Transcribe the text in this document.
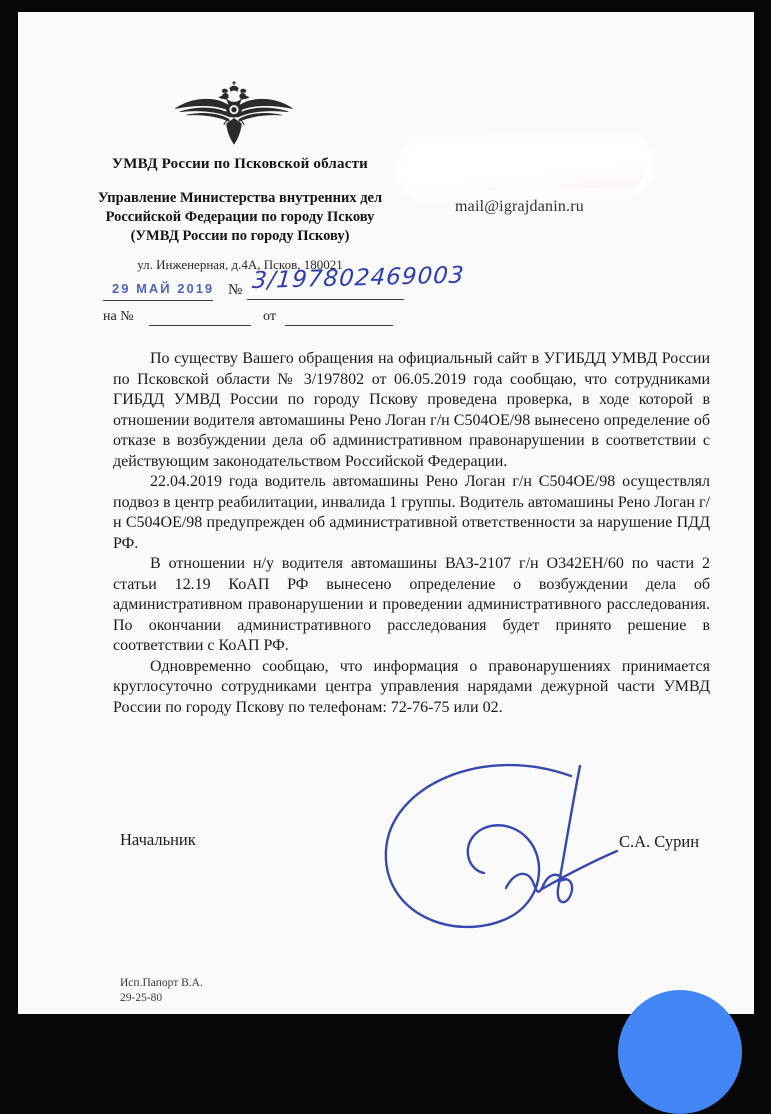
УМВД России по Псковской области
Управление Министерства внутренних дел
Российской Федерации по городу Пскову
(УМВД России по городу Пскову)
ул. Инженерная, д.4А, Псков, 180021
mail@igrajdanin.ru
29 МАЙ 2019 № 3/197802469003
на №	от

По существу Вашего обращения на официальный сайт в УГИБДД УМВД России по Псковской области № 3/197802 от 06.05.2019 года сообщаю, что сотрудниками ГИБДД УМВД России по городу Пскову проведена проверка, в ходе которой в отношении водителя автомашины Рено Логан г/н С504ОЕ/98 вынесено определение об отказе в возбуждении дела об административном правонарушении в соответствии с действующим законодательством Российской Федерации.

22.04.2019 года водитель автомашины Рено Логан г/н С504ОЕ/98 осуществлял подвоз в центр реабилитации, инвалида 1 группы. Водитель автомашины Рено Логан г/н С504ОЕ/98 предупрежден об административной ответственности за нарушение ПДД РФ.

В отношении н/у водителя автомашины ВАЗ-2107 г/н О342ЕН/60 по части 2 статьи 12.19 КоАП РФ вынесено определение о возбуждении дела об административном правонарушении и проведении административного расследования. По окончании административного расследования будет принято решение в соответствии с КоАП РФ.

Одновременно сообщаю, что информация о правонарушениях принимается круглосуточно сотрудниками центра управления нарядами дежурной части УМВД России по городу Пскову по телефонам: 72-76-75 или 02.

Начальник	С.А. Сурин
Исп.Папорт В.А.
29-25-80
